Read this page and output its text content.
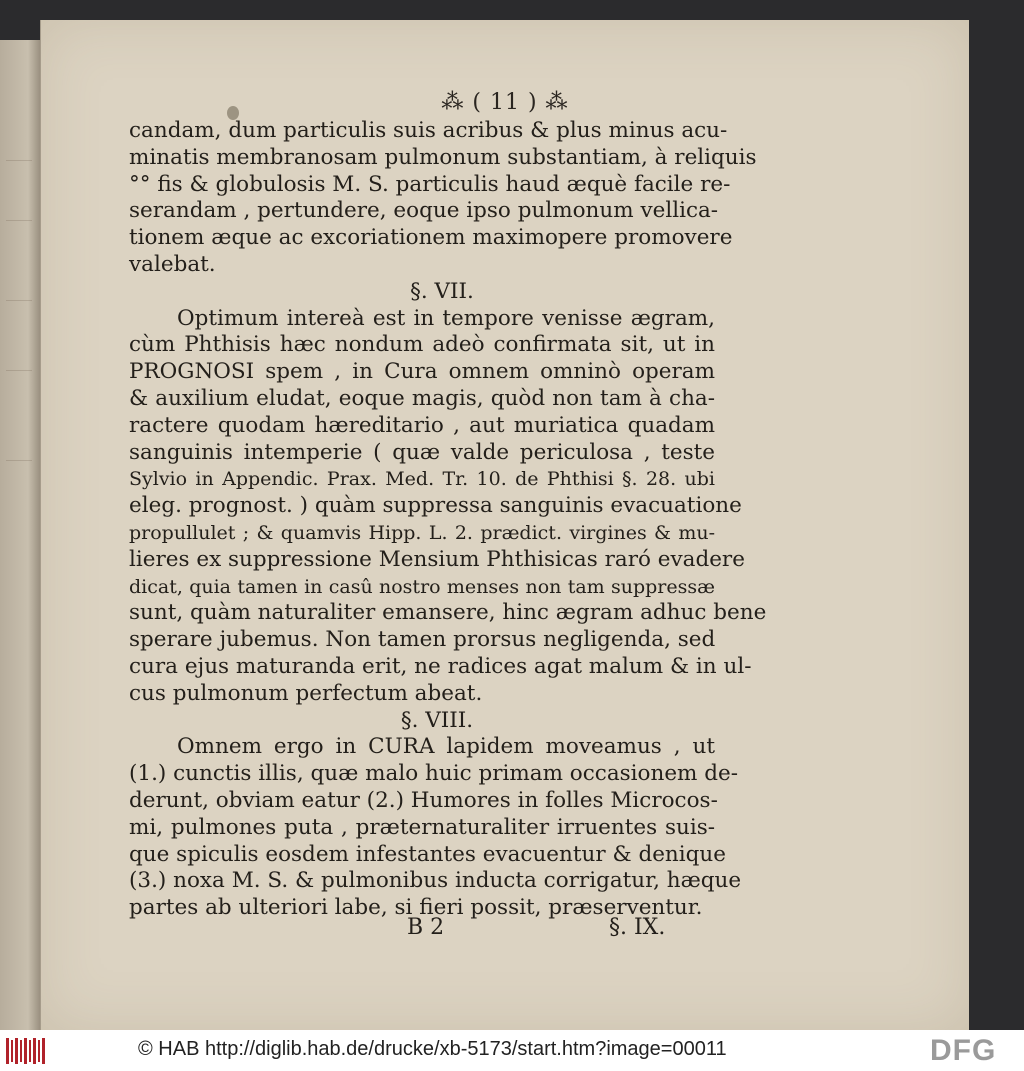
⁂ ( 11 ) ⁂
candam, dum particulis suis acribus & plus minus acu-
minatis membranosam pulmonum substantiam, à reliquis
°° fis & globulosis M. S. particulis haud æquè facile re-
serandam , pertundere, eoque ipso pulmonum vellica-
tionem æque ac excoriationem maximopere promovere
valebat.
§. VII.
Optimum intereà est in tempore venisse ægram,
cùm Phthisis hæc nondum adeò confirmata sit, ut in
PROGNOSI spem , in Cura omnem omninò operam
& auxilium eludat, eoque magis, quòd non tam à cha-
ractere quodam hæreditario , aut muriatica quadam
sanguinis intemperie ( quæ valde periculosa , teste
Sylvio in Appendic. Prax. Med. Tr. 10. de Phthisi §. 28. ubi
eleg. prognost. ) quàm suppressa sanguinis evacuatione
propullulet ; & quamvis Hipp. L. 2. prædict. virgines & mu-
lieres ex suppressione Mensium Phthisicas raró evadere
dicat, quia tamen in casû nostro menses non tam suppressæ
sunt, quàm naturaliter emansere, hinc ægram adhuc bene
sperare jubemus. Non tamen prorsus negligenda, sed
cura ejus maturanda erit, ne radices agat malum & in ul-
cus pulmonum perfectum abeat.
§. VIII.
Omnem ergo in CURA lapidem moveamus , ut
(1.) cunctis illis, quæ malo huic primam occasionem de-
derunt, obviam eatur (2.) Humores in folles Microcos-
mi, pulmones puta , præternaturaliter irruentes suis-
que spiculis eosdem infestantes evacuentur & denique
(3.) noxa M. S. & pulmonibus inducta corrigatur, hæque
partes ab ulteriori labe, si fieri possit, præserventur.
B 2	§. IX.
© HAB http://diglib.hab.de/drucke/xb-5173/start.htm?image=00011	DFG
